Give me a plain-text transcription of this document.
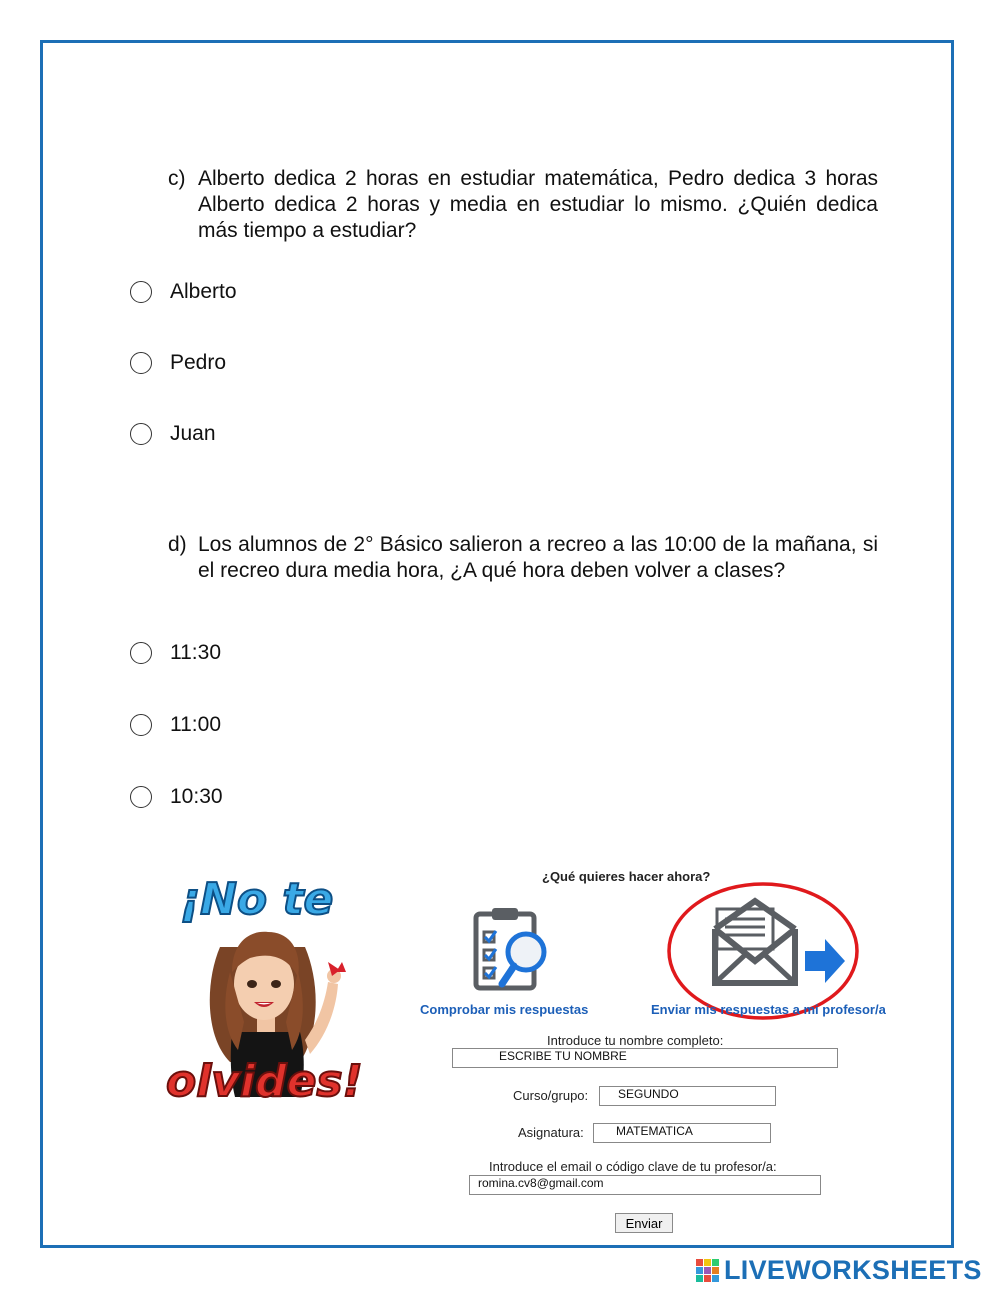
c) Alberto dedica 2 horas en estudiar matemática, Pedro dedica 3 horas Alberto dedica 2 horas y media en estudiar lo mismo. ¿Quién dedica más tiempo a estudiar?
Alberto
Pedro
Juan
d) Los alumnos de 2° Básico salieron a recreo a las 10:00 de la mañana, si el recreo dura media hora, ¿A qué hora deben volver a clases?
11:30
11:00
10:30
¡No te
olvides!
¿Qué quieres hacer ahora?
Comprobar mis respuestas	Enviar mis respuestas a mi profesor/a
Introduce tu nombre completo:
ESCRIBE TU NOMBRE
Curso/grupo:	SEGUNDO
Asignatura:	MATEMATICA
Introduce el email o código clave de tu profesor/a:
romina.cv8@gmail.com
Enviar
LIVEWORKSHEETS
